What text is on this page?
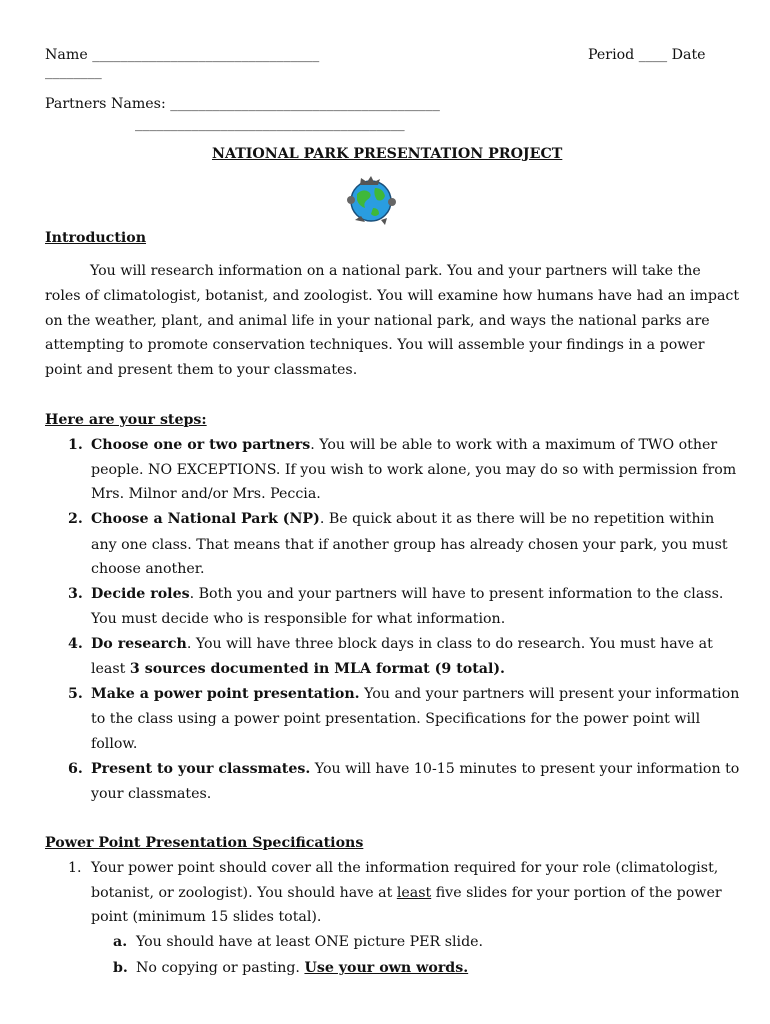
Name ________________________________	Period ____ Date
________
Partners Names: ______________________________________
______________________________________
NATIONAL PARK PRESENTATION PROJECT
Introduction
You will research information on a national park. You and your partners will take the
roles of climatologist, botanist, and zoologist. You will examine how humans have had an impact
on the weather, plant, and animal life in your national park, and ways the national parks are
attempting to promote conservation techniques. You will assemble your findings in a power
point and present them to your classmates.
Here are your steps:
1. Choose one or two partners. You will be able to work with a maximum of TWO other
people. NO EXCEPTIONS. If you wish to work alone, you may do so with permission from
Mrs. Milnor and/or Mrs. Peccia.
2. Choose a National Park (NP). Be quick about it as there will be no repetition within
any one class. That means that if another group has already chosen your park, you must
choose another.
3. Decide roles. Both you and your partners will have to present information to the class.
You must decide who is responsible for what information.
4. Do research. You will have three block days in class to do research. You must have at
least 3 sources documented in MLA format (9 total).
5. Make a power point presentation. You and your partners will present your information
to the class using a power point presentation. Specifications for the power point will
follow.
6. Present to your classmates. You will have 10-15 minutes to present your information to
your classmates.
Power Point Presentation Specifications
1. Your power point should cover all the information required for your role (climatologist,
botanist, or zoologist). You should have at least five slides for your portion of the power
point (minimum 15 slides total).
a. You should have at least ONE picture PER slide.
b. No copying or pasting. Use your own words.
